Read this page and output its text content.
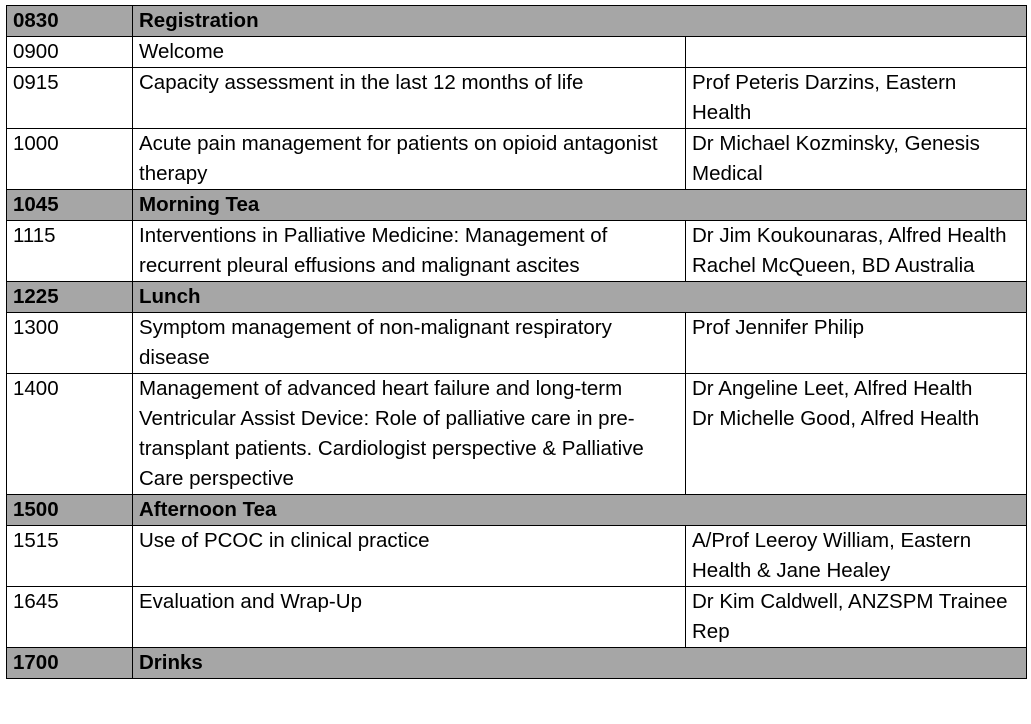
0830	Registration	
0900	Welcome	
0915	Capacity assessment in the last 12 months of life	Prof Peteris Darzins, Eastern Health

1000	Acute pain management for patients on opioid antagonist therapy	Dr Michael Kozminsky, Genesis Medical

1045	Morning Tea	
1115	Interventions in Palliative Medicine: Management of recurrent pleural effusions and malignant ascites	Dr Jim Koukounaras, Alfred Health
Rachel McQueen, BD Australia

1225	Lunch	
1300	Symptom management of non-malignant respiratory disease	Prof Jennifer Philip

1400	Management of advanced heart failure and long-term Ventricular Assist Device: Role of palliative care in pre-transplant patients. Cardiologist perspective & Palliative Care perspective	Dr Angeline Leet, Alfred Health
Dr Michelle Good, Alfred Health

1500	Afternoon Tea	
1515	Use of PCOC in clinical practice	A/Prof Leeroy William, Eastern Health & Jane Healey

1645	Evaluation and Wrap-Up	Dr Kim Caldwell, ANZSPM Trainee Rep

1700	Drinks	
